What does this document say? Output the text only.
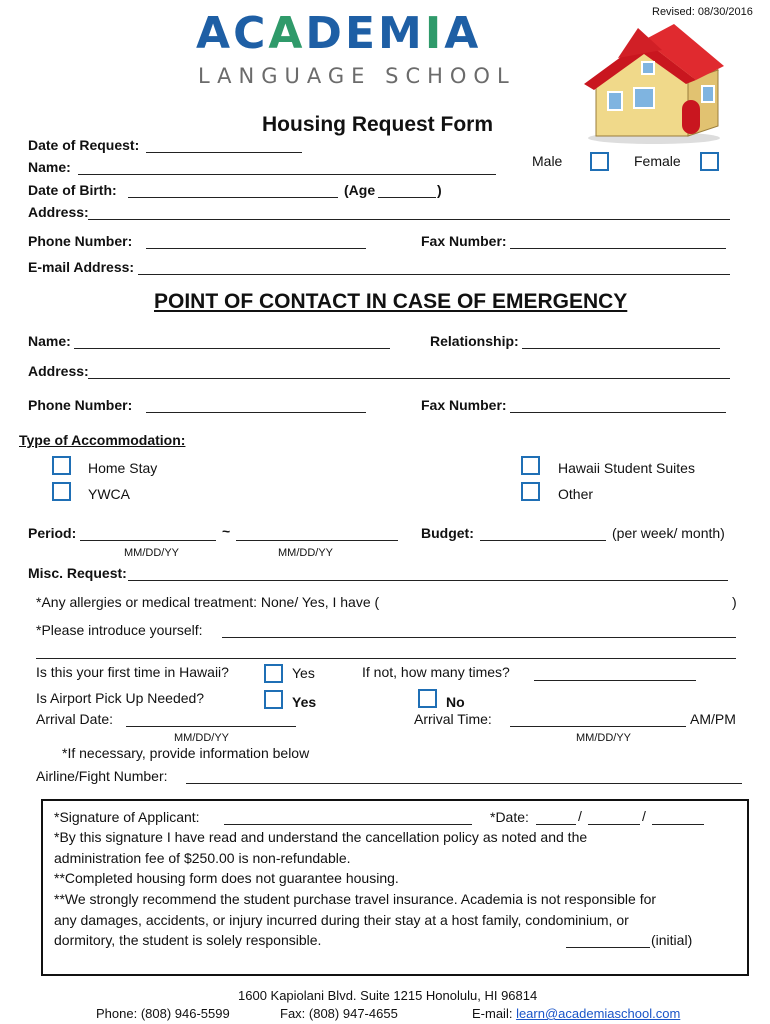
Revised: 08/30/2016
ACADEMIA
LANGUAGE SCHOOL
Housing Request Form
Date of Request:
Name:	Male	Female
Date of Birth:	(Age	)
Address:
Phone Number:	Fax Number:
E-mail Address:
POINT OF CONTACT IN CASE OF EMERGENCY
Name:	Relationship:
Address:
Phone Number:	Fax Number:
Type of Accommodation:
Home Stay
YWCA
Hawaii Student Suites
Other
Period:	~
MM/DD/YY	MM/DD/YY
Budget:	(per week/ month)
Misc. Request:
*Any allergies or medical treatment: None/ Yes, I have (	)
*Please introduce yourself:
Is this your first time in Hawaii?	Yes	If not, how many times?
Is Airport Pick Up Needed?	Yes	No
Arrival Date:
MM/DD/YY
Arrival Time:	AM/PM
MM/DD/YY
*If necessary, provide information below
Airline/Fight Number:
*Signature of Applicant:	*Date:	/	/
*By this signature I have read and understand the cancellation policy as noted and the
administration fee of $250.00 is non-refundable.
**Completed housing form does not guarantee housing.
**We strongly recommend the student purchase travel insurance. Academia is not responsible for
any damages, accidents, or injury incurred during their stay at a host family, condominium, or
dormitory, the student is solely responsible.	(initial)
1600 Kapiolani Blvd. Suite 1215 Honolulu, HI 96814
Phone: (808) 946-5599	Fax: (808) 947-4655	E-mail: learn@academiaschool.com
